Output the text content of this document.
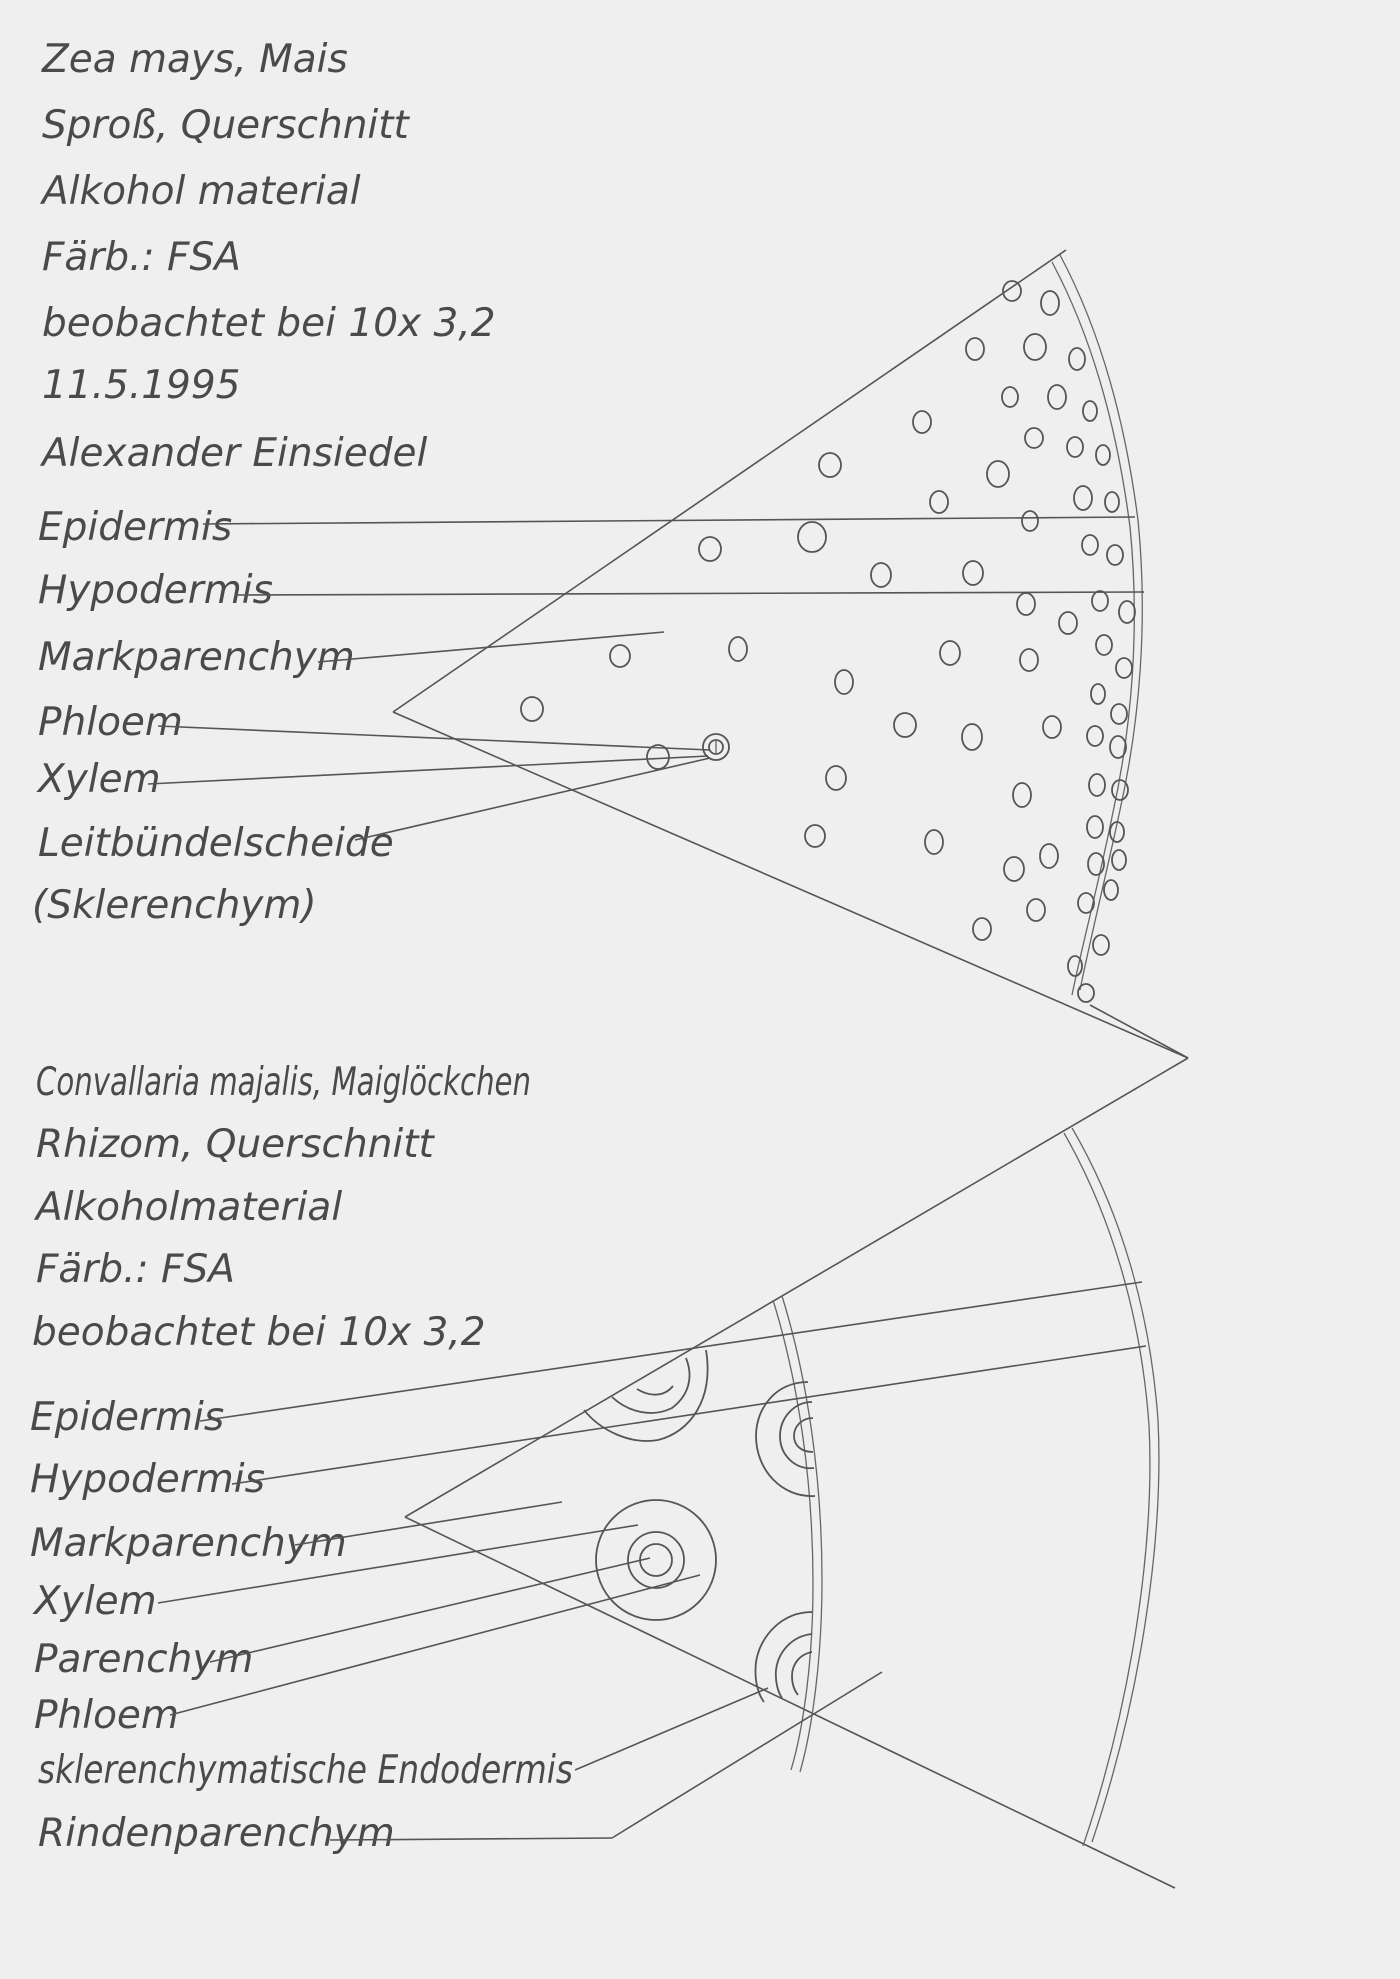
Zea mays, Mais
Sproß, Querschnitt
Alkohol material
Färb.: FSA
beobachtet bei 10x 3,2
11.5.1995
Alexander Einsiedel
Epidermis
Hypodermis
Markparenchym
Phloem
Xylem
Leitbündelscheide
(Sklerenchym)
Convallaria majalis, Maiglöckchen
Rhizom, Querschnitt
Alkoholmaterial
Färb.: FSA
beobachtet bei 10x 3,2
Epidermis
Hypodermis
Markparenchym
Xylem
Parenchym
Phloem
sklerenchymatische Endodermis
Rindenparenchym
